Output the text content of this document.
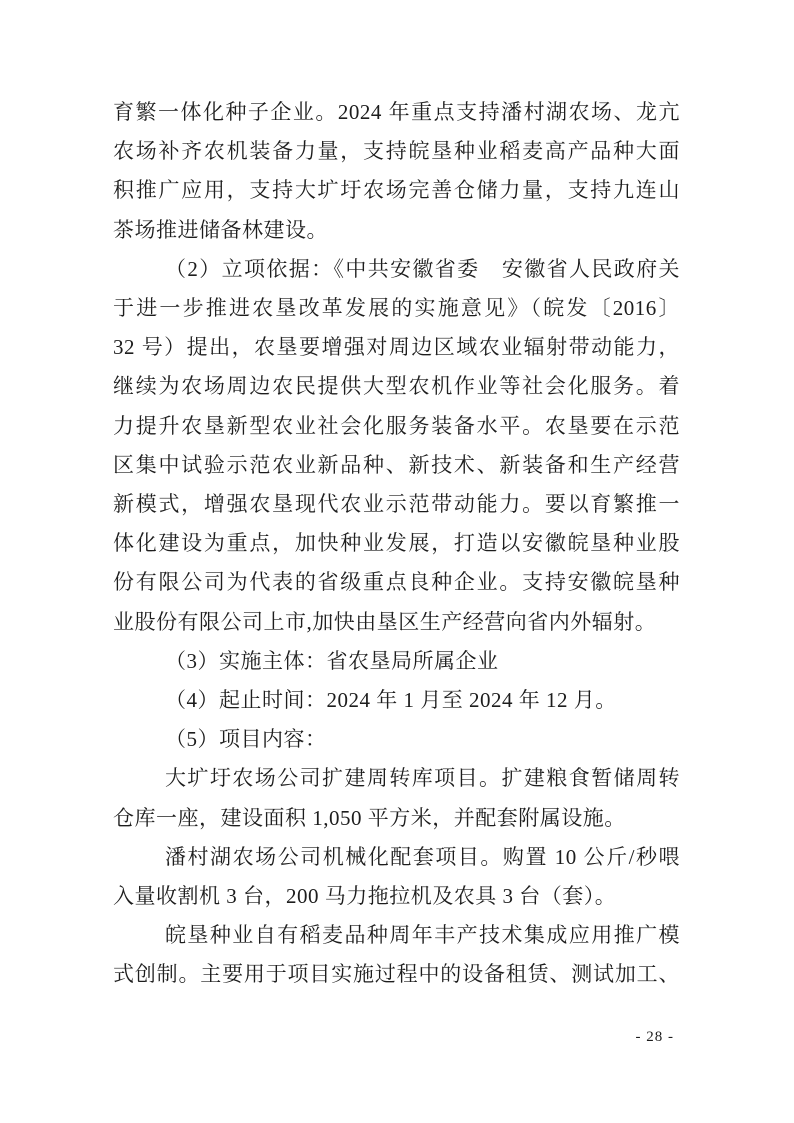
育繁一体化种子企业。2024 年重点支持潘村湖农场、龙亢
农场补齐农机装备力量，支持皖垦种业稻麦高产品种大面
积推广应用，支持大圹圩农场完善仓储力量，支持九连山
茶场推进储备林建设。
（2）立项依据：《中共安徽省委　安徽省人民政府关
于进一步推进农垦改革发展的实施意见》（皖发〔2016〕
32 号）提出，农垦要增强对周边区域农业辐射带动能力，
继续为农场周边农民提供大型农机作业等社会化服务。着
力提升农垦新型农业社会化服务装备水平。农垦要在示范
区集中试验示范农业新品种、新技术、新装备和生产经营
新模式，增强农垦现代农业示范带动能力。要以育繁推一
体化建设为重点，加快种业发展，打造以安徽皖垦种业股
份有限公司为代表的省级重点良种企业。支持安徽皖垦种
业股份有限公司上市,加快由垦区生产经营向省内外辐射。
（3）实施主体：省农垦局所属企业
（4）起止时间：2024 年 1 月至 2024 年 12 月。
（5）项目内容：
大圹圩农场公司扩建周转库项目。扩建粮食暂储周转
仓库一座，建设面积 1,050 平方米，并配套附属设施。
潘村湖农场公司机械化配套项目。购置 10 公斤/秒喂
入量收割机 3 台，200 马力拖拉机及农具 3 台（套）。
皖垦种业自有稻麦品种周年丰产技术集成应用推广模
式创制。主要用于项目实施过程中的设备租赁、测试加工、
- 28 -
